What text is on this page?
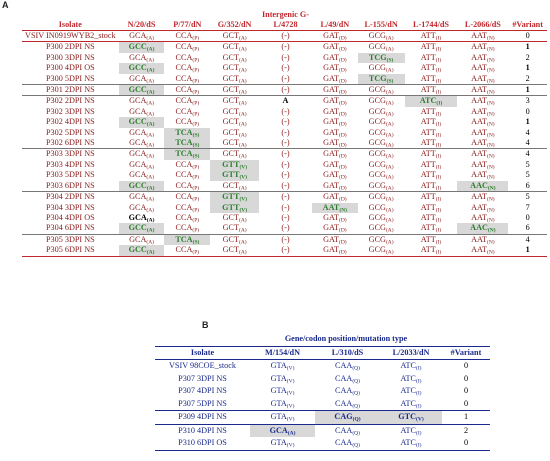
A
Isolate	N/20/dS	P/77/dN	G/352/dN	Intergenic G-L/4728	L/49/dN	L-155/dN	L-1744/dS	L-2066/dS	#Variant
VSIV IN0919WYB2_stock	$GCA_{(A)}$	$CCA_{(P)}$	$GCT_{(A)}$	(-)	$GAT_{(D)}$	$GCG_{(A)}$	$ATT_{(I)}$	$AAT_{(N)}$	0
P300 2DPI NS	$GCC_{(A)}$	$CCA_{(P)}$	$GCT_{(A)}$	(-)	$GAT_{(D)}$	$GCG_{(A)}$	$ATT_{(I)}$	$AAT_{(N)}$	1
P300 3DPI NS	$GCA_{(A)}$	$CCA_{(P)}$	$GCT_{(A)}$	(-)	$GAT_{(D)}$	$TCG_{(S)}$	$ATT_{(I)}$	$AAT_{(N)}$	2
P300 4DPI OS	$GCC_{(A)}$	$CCA_{(P)}$	$GCT_{(A)}$	(-)	$GAT_{(D)}$	$GCG_{(A)}$	$ATT_{(I)}$	$AAT_{(N)}$	1
P300 5DPI NS	$GCA_{(A)}$	$CCA_{(P)}$	$GCT_{(A)}$	(-)	$GAT_{(D)}$	$TCG_{(S)}$	$ATT_{(I)}$	$AAT_{(N)}$	2
P301 2DPI NS	$GCC_{(A)}$	$CCA_{(P)}$	$GCT_{(A)}$	(-)	$GAT_{(D)}$	$GCG_{(A)}$	$ATT_{(I)}$	$AAT_{(N)}$	1
P302 2DPI NS	$GCA_{(A)}$	$CCA_{(P)}$	$GCT_{(A)}$	A	$GAT_{(D)}$	$GCG_{(A)}$	$ATC_{(I)}$	$AAT_{(N)}$	3
P302 3DPI NS	$GCA_{(A)}$	$CCA_{(P)}$	$GCT_{(A)}$	(-)	$GAT_{(D)}$	$GCG_{(A)}$	$ATT_{(I)}$	$AAT_{(N)}$	0
P302 4DPI NS	$GCC_{(A)}$	$CCA_{(P)}$	$GCT_{(A)}$	(-)	$GAT_{(D)}$	$GCG_{(A)}$	$ATT_{(I)}$	$AAT_{(N)}$	1
P302 5DPI NS	$GCA_{(A)}$	$TCA_{(S)}$	$GCT_{(A)}$	(-)	$GAT_{(D)}$	$GCG_{(A)}$	$ATT_{(I)}$	$AAT_{(N)}$	4
P302 6DPI NS	$GCA_{(A)}$	$TCA_{(S)}$	$GCT_{(A)}$	(-)	$GAT_{(D)}$	$GCG_{(A)}$	$ATT_{(I)}$	$AAT_{(N)}$	4
P303 3DPI NS	$GCA_{(A)}$	$TCA_{(S)}$	$GCT_{(A)}$	(-)	$GAT_{(D)}$	$GCG_{(A)}$	$ATT_{(I)}$	$AAT_{(N)}$	4
P303 4DPI NS	$GCA_{(A)}$	$CCA_{(P)}$	$GTT_{(V)}$	(-)	$GAT_{(D)}$	$GCG_{(A)}$	$ATT_{(I)}$	$AAT_{(N)}$	5
P303 5DPI NS	$GCA_{(A)}$	$CCA_{(P)}$	$GTT_{(V)}$	(-)	$GAT_{(D)}$	$GCG_{(A)}$	$ATT_{(I)}$	$AAT_{(N)}$	5
P303 6DPI NS	$GCC_{(A)}$	$CCA_{(P)}$	$GCT_{(A)}$	(-)	$GAT_{(D)}$	$GCG_{(A)}$	$ATT_{(I)}$	$AAC_{(N)}$	6
P304 2DPI NS	$GCA_{(A)}$	$CCA_{(P)}$	$GTT_{(V)}$	(-)	$GAT_{(D)}$	$GCG_{(A)}$	$ATT_{(I)}$	$AAT_{(N)}$	5
P304 3DPI NS	$GCA_{(A)}$	$CCA_{(P)}$	$GTT_{(V)}$	(-)	$AAT_{(N)}$	$GCG_{(A)}$	$ATT_{(I)}$	$AAT_{(N)}$	7
P304 4DPI OS	$GCA_{(A)}$	$CCA_{(P)}$	$GCT_{(A)}$	(-)	$GAT_{(D)}$	$GCG_{(A)}$	$ATT_{(I)}$	$AAT_{(N)}$	0
P304 6DPI NS	$GCC_{(A)}$	$CCA_{(P)}$	$GCT_{(A)}$	(-)	$GAT_{(D)}$	$GCG_{(A)}$	$ATT_{(I)}$	$AAC_{(N)}$	6
P305 3DPI NS	$GCA_{(A)}$	$TCA_{(S)}$	$GCT_{(A)}$	(-)	$GAT_{(D)}$	$GCG_{(A)}$	$ATT_{(I)}$	$AAT_{(N)}$	4
P305 6DPI NS	$GCC_{(A)}$	$CCA_{(P)}$	$GCT_{(A)}$	(-)	$GAT_{(D)}$	$GCG_{(A)}$	$ATT_{(I)}$	$AAT_{(N)}$	1
B
	Gene/codon position/mutation type			
Isolate	M/154/dN	L/310/dS	L/2033/dN	#Variant
VSIV 98COE_stock	$GTA_{(V)}$	$CAA_{(Q)}$	$ATC_{(I)}$	0
P307 3DPI NS	$GTA_{(V)}$	$CAA_{(Q)}$	$ATC_{(I)}$	0
P307 4DPI NS	$GTA_{(V)}$	$CAA_{(Q)}$	$ATC_{(I)}$	0
P307 5DPI NS	$GTA_{(V)}$	$CAA_{(Q)}$	$ATC_{(I)}$	0
P309 4DPI NS	$GTA_{(V)}$	$CAG_{(Q)}$	$GTC_{(V)}$	1
P310 4DPI NS	$GCA_{(A)}$	$CAA_{(Q)}$	$ATC_{(I)}$	2
P310 6DPI OS	$GTA_{(V)}$	$CAA_{(Q)}$	$ATC_{(I)}$	0
